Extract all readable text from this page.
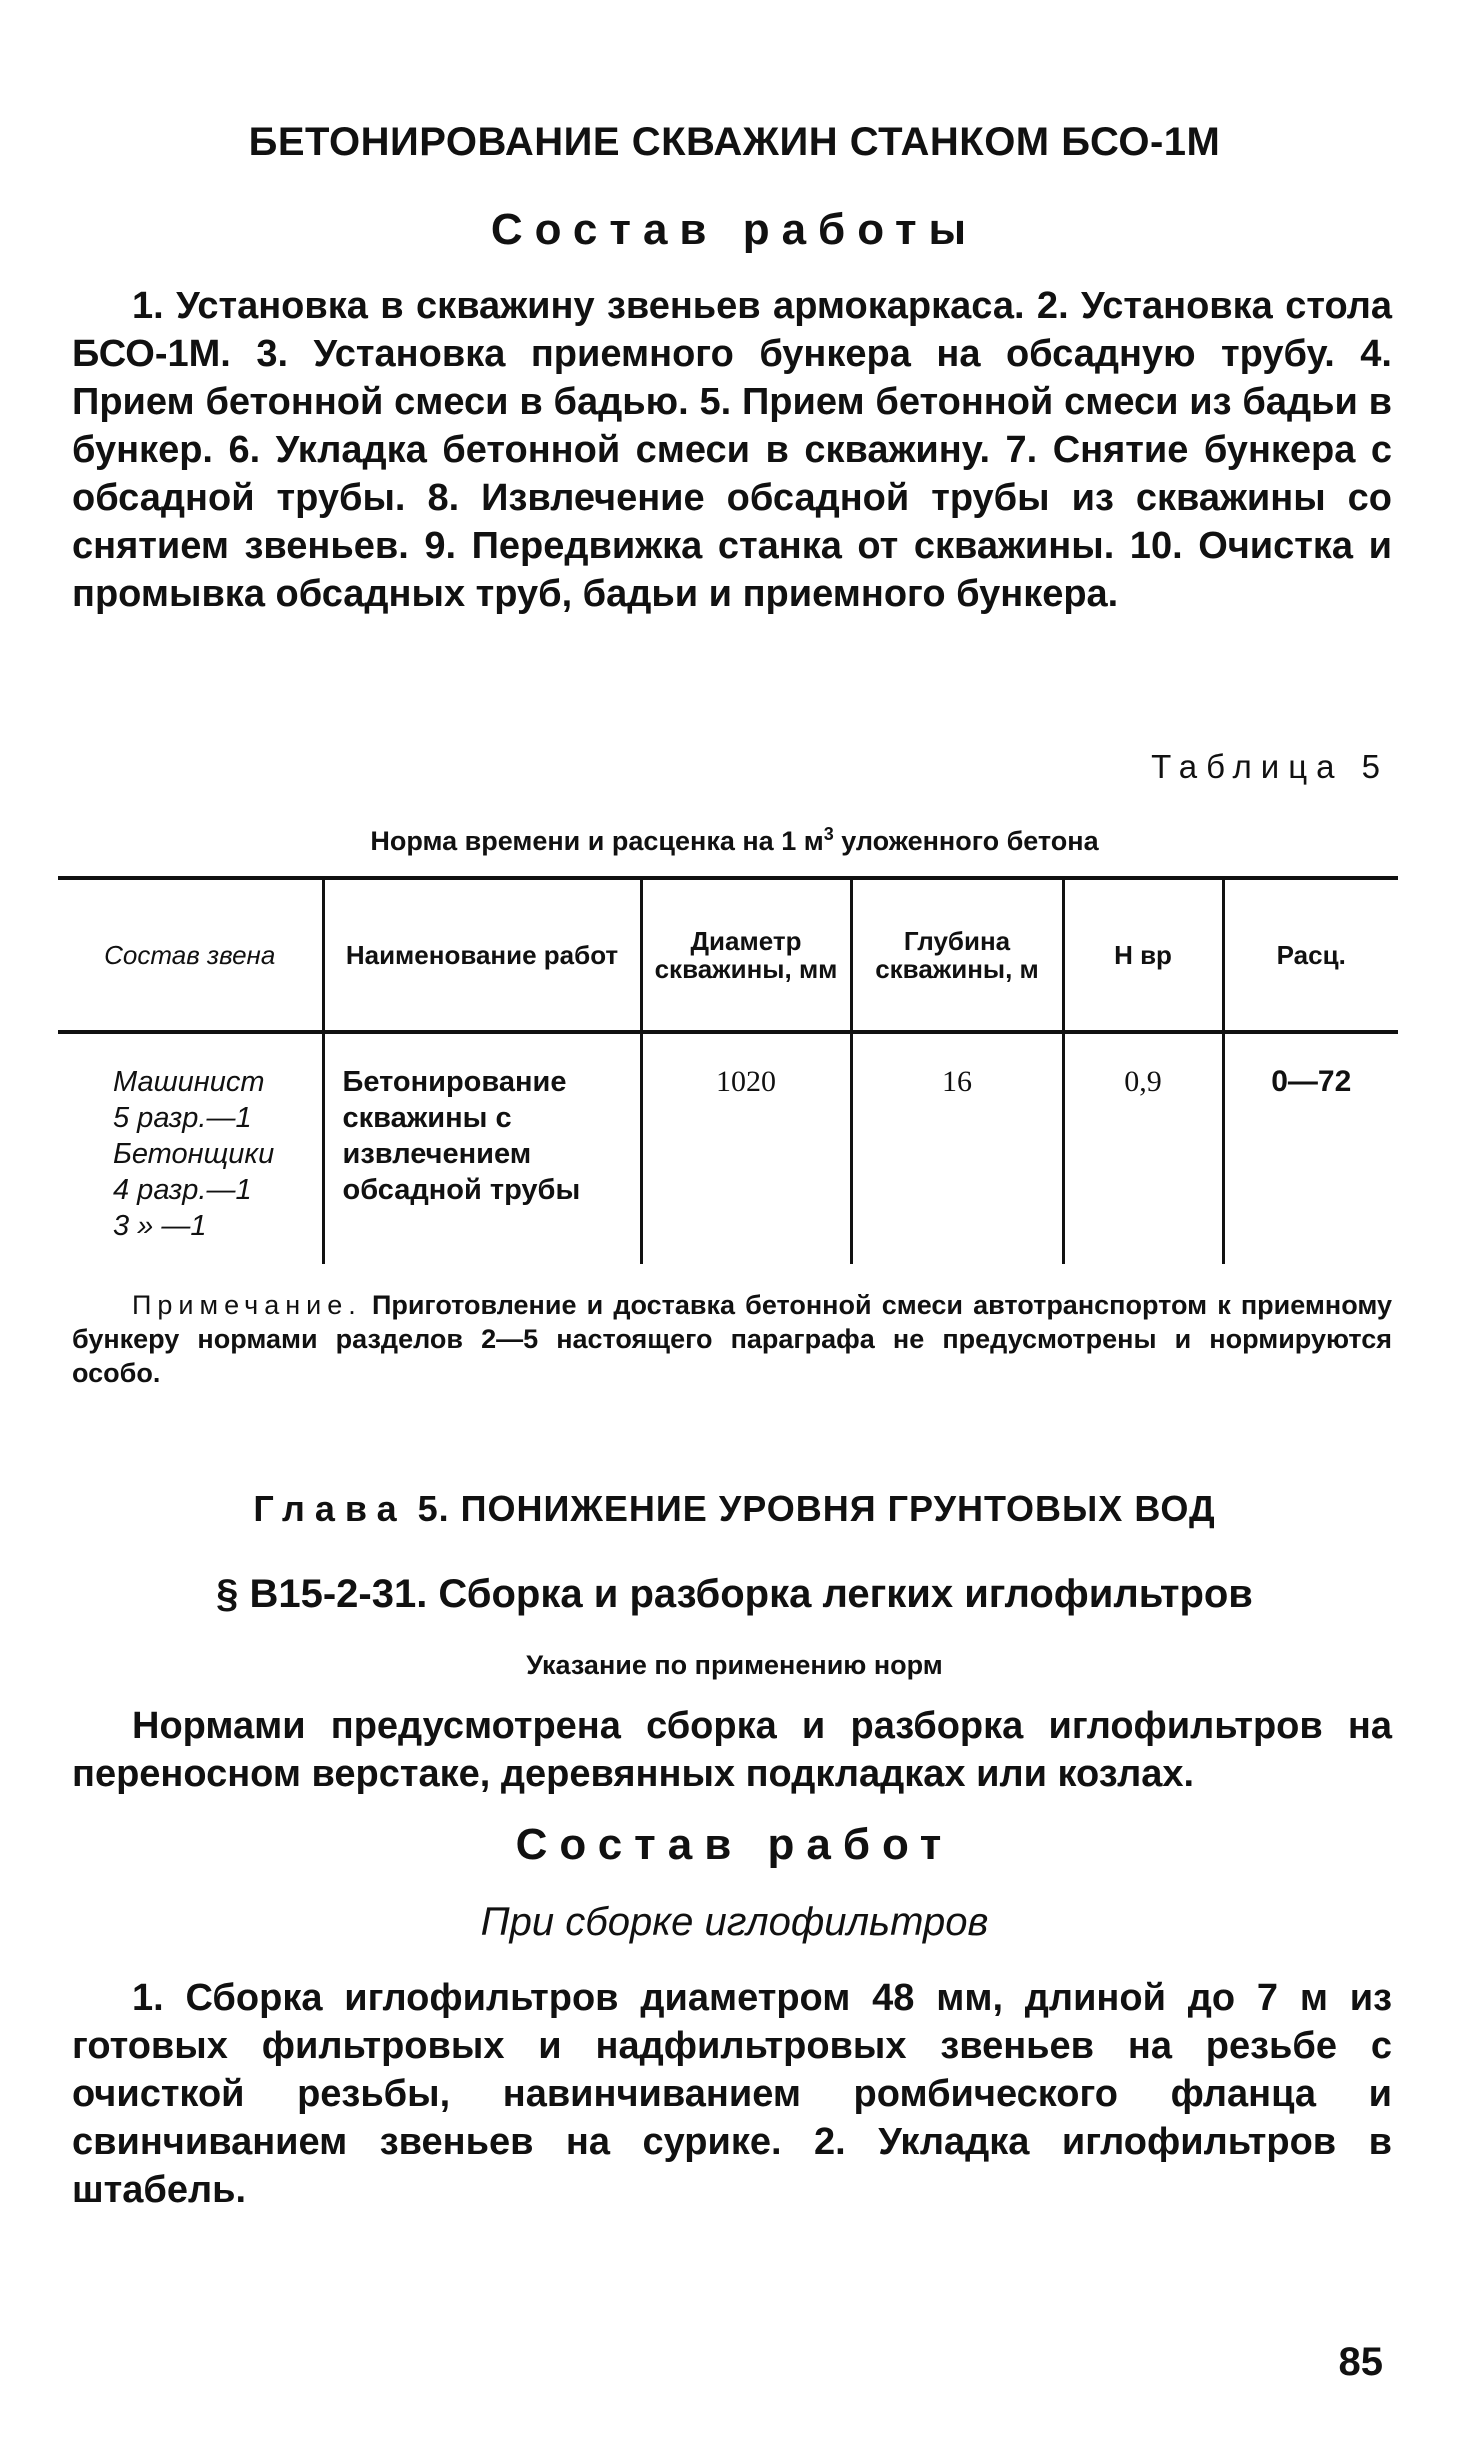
БЕТОНИРОВАНИЕ СКВАЖИН СТАНКОМ БСО-1М
Состав работы
1. Установка в скважину звеньев армокаркаса. 2. Установка стола БСО-1М. 3. Установка приемного бункера на обсадную трубу. 4. Прием бетонной смеси в бадью. 5. Прием бетонной смеси из бадьи в бункер. 6. Укладка бетонной смеси в скважину. 7. Снятие бункера с обсадной трубы. 8. Извлечение обсадной трубы из скважины со снятием звеньев. 9. Передвижка станка от скважины. 10. Очистка и промывка обсадных труб, бадьи и приемного бункера.
Таблица 5
Норма времени и расценка на 1 $м^3$ уложенного бетона
Состав звена	Наименование работ	Диаметр скважины, мм	Глубина скважины, м	Н вр	Расц.

Машинист
5 разр.—1
Бетонщики
4 разр.—1
3 » —1	Бетонирование скважины с извлечением обсадной трубы	1020	16	0,9	0—72
Примечание. Приготовление и доставка бетонной смеси автотранспортом к приемному бункеру нормами разделов 2—5 настоящего параграфа не предусмотрены и нормируются особо.
Глава 5. ПОНИЖЕНИЕ УРОВНЯ ГРУНТОВЫХ ВОД
§ В15-2-31. Сборка и разборка легких иглофильтров
Указание по применению норм
Нормами предусмотрена сборка и разборка иглофильтров на переносном верстаке, деревянных подкладках или козлах.
Состав работ
При сборке иглофильтров
1. Сборка иглофильтров диаметром 48 мм, длиной до 7 м из готовых фильтровых и надфильтровых звеньев на резьбе с очисткой резьбы, навинчиванием ромбического фланца и свинчиванием звеньев на сурике. 2. Укладка иглофильтров в штабель.
85
